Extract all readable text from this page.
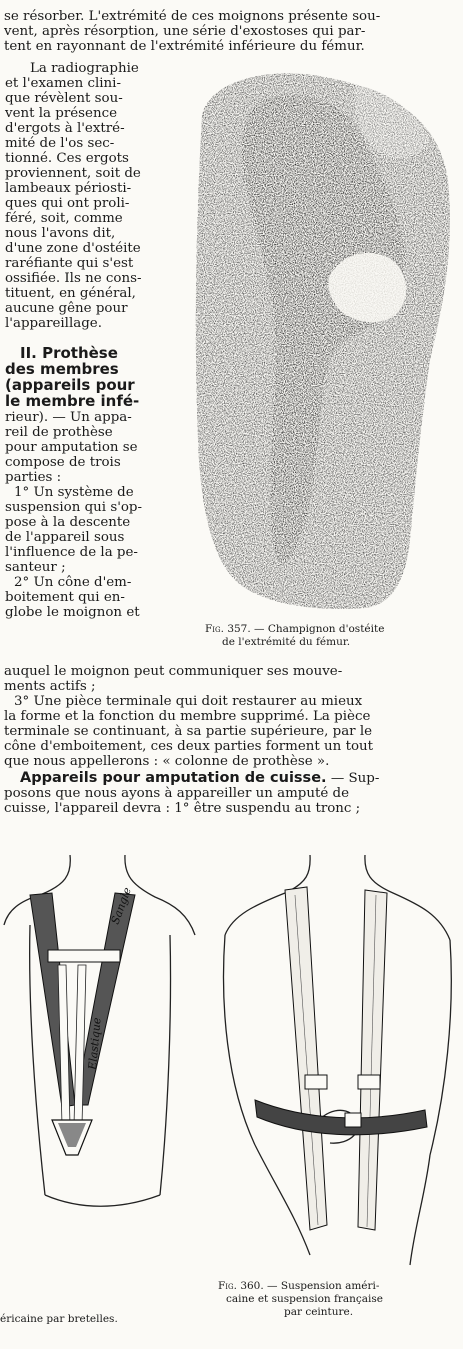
se résorber. L'extrémité de ces moignons présente sou-
vent, après résorption, une série d'exostoses qui par-
tent en rayonnant de l'extrémité inférieure du fémur.
La radiographie
et l'examen clini-
que révèlent sou-
vent la présence
d'ergots à l'extré-
mité de l'os sec-
tionné. Ces ergots
proviennent, soit de
lambeaux périosti-
ques qui ont proli-
féré, soit, comme
nous l'avons dit,
d'une zone d'ostéite
raréfiante qui s'est
ossifiée. Ils ne cons-
tituent, en général,
aucune gêne pour
l'appareillage.
II. Prothèse
des membres
(appareils pour
le membre infé-
rieur). — Un appa-
reil de prothèse
pour amputation se
compose de trois
parties :
1° Un système de
suspension qui s'op-
pose à la descente
de l'appareil sous
l'influence de la pe-
santeur ;
2° Un cône d'em-
boitement qui en-
globe le moignon et
Fig. 357. — Champignon d'ostéite
de l'extrémité du fémur.
auquel le moignon peut communiquer ses mouve-
ments actifs ;
3° Une pièce terminale qui doit restaurer au mieux
la forme et la fonction du membre supprimé. La pièce
terminale se continuant, à sa partie supérieure, par le
cône d'emboitement, ces deux parties forment un tout
que nous appellerons : « colonne de prothèse ».
Appareils pour amputation de cuisse. — Sup-
posons que nous ayons à appareiller un amputé de
cuisse, l'appareil devra : 1° être suspendu au tronc ;
Sangle
Elastique
éricaine par bretelles.
Fig. 360. — Suspension améri-
caine et suspension française
par ceinture.
